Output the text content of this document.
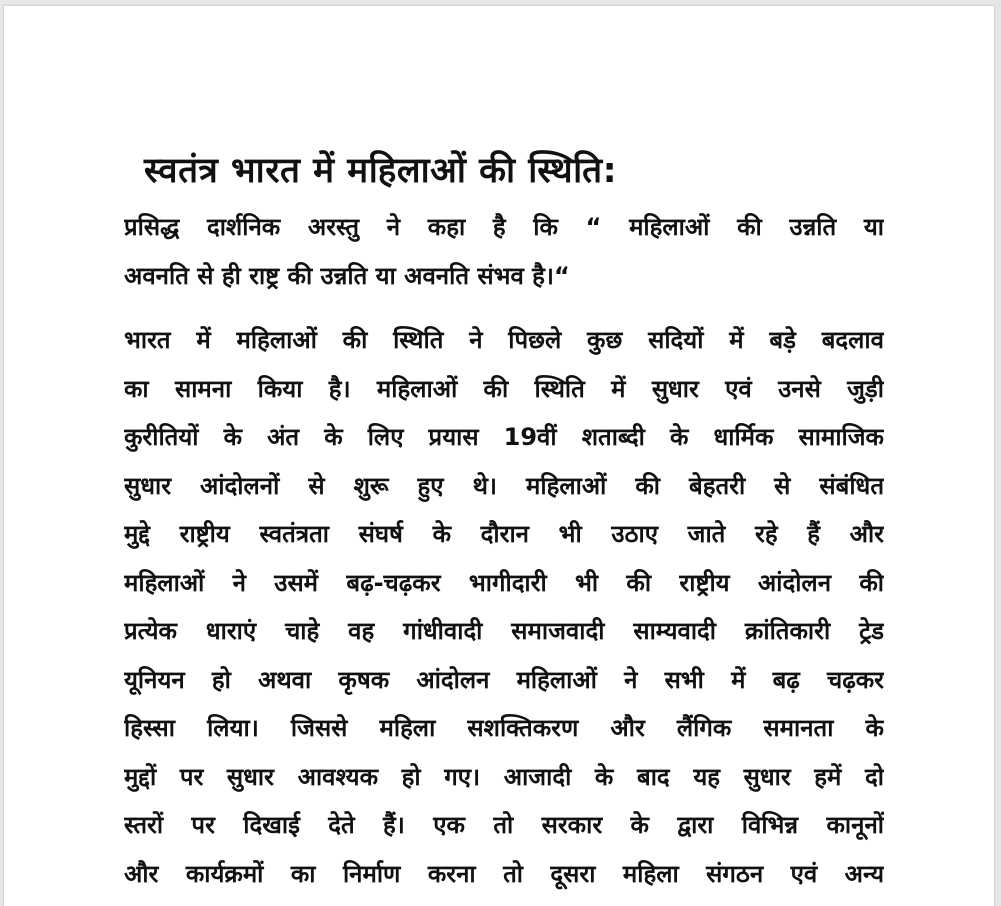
स्वतंत्र भारत में महिलाओं की स्थिति:
प्रसिद्ध दार्शनिक अरस्तु ने कहा है कि “ महिलाओं की उन्नति या
अवनति से ही राष्ट्र की उन्नति या अवनति संभव है।“
भारत में महिलाओं की स्थिति ने पिछले कुछ सदियों में बड़े बदलाव
का सामना किया है। महिलाओं की स्थिति में सुधार एवं उनसे जुड़ी
कुरीतियों के अंत के लिए प्रयास 19वीं शताब्दी के धार्मिक सामाजिक
सुधार आंदोलनों से शुरू हुए थे। महिलाओं की बेहतरी से संबंधित
मुद्दे राष्ट्रीय स्वतंत्रता संघर्ष के दौरान भी उठाए जाते रहे हैं और
महिलाओं ने उसमें बढ़-चढ़कर भागीदारी भी की राष्ट्रीय आंदोलन की
प्रत्येक धाराएं चाहे वह गांधीवादी समाजवादी साम्यवादी क्रांतिकारी ट्रेड
यूनियन हो अथवा कृषक आंदोलन महिलाओं ने सभी में बढ़ चढ़कर
हिस्सा लिया। जिससे महिला सशक्तिकरण और लैंगिक समानता के
मुद्दों पर सुधार आवश्यक हो गए। आजादी के बाद यह सुधार हमें दो
स्तरों पर दिखाई देते हैं। एक तो सरकार के द्वारा विभिन्न कानूनों
और कार्यक्रमों का निर्माण करना तो दूसरा महिला संगठन एवं अन्य
